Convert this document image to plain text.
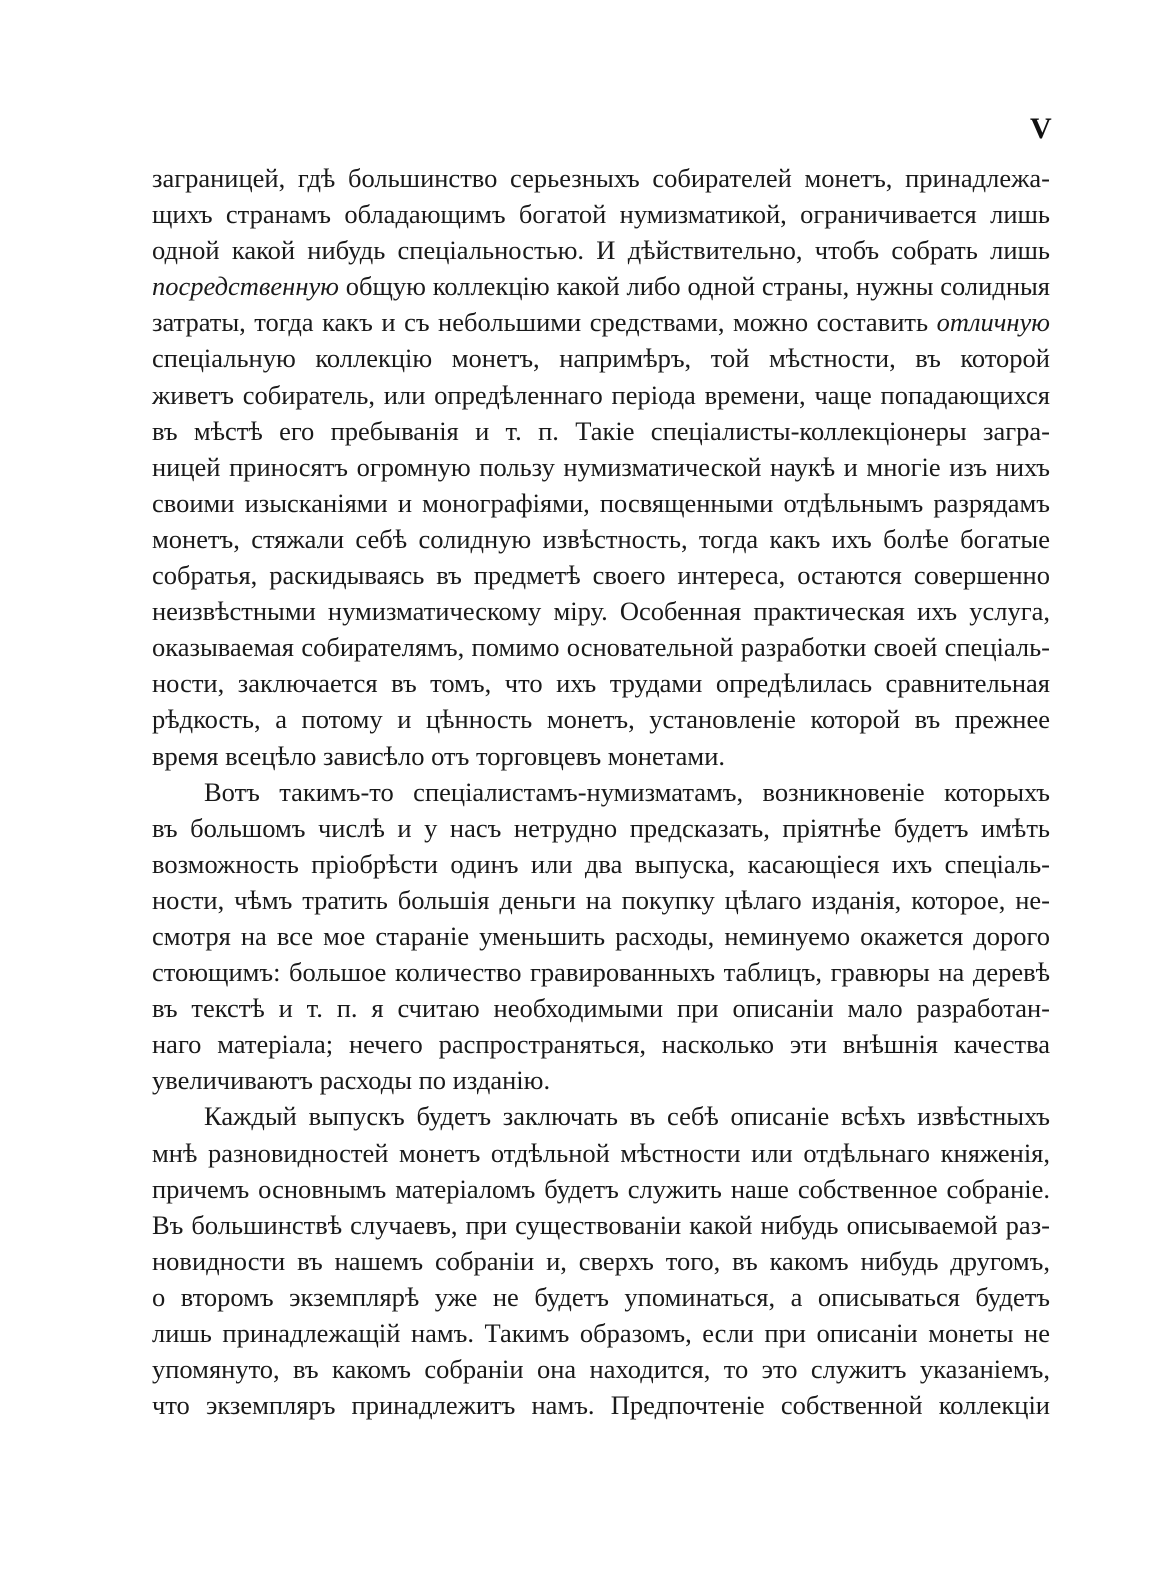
V
заграницей, гдѣ большинство серьезныхъ собирателей монетъ, принадлежа-
щихъ странамъ обладающимъ богатой нумизматикой, ограничивается лишь
одной какой нибудь спеціальностью. И дѣйствительно, чтобъ собрать лишь
посредственную общую коллекцію какой либо одной страны, нужны солидныя
затраты, тогда какъ и съ небольшими средствами, можно составить отличную
спеціальную коллекцію монетъ, напримѣръ, той мѣстности, въ которой
живетъ собиратель, или опредѣленнаго періода времени, чаще попадающихся
въ мѣстѣ его пребыванія и т. п. Такіе спеціалисты-коллекціонеры загра-
ницей приносятъ огромную пользу нумизматической наукѣ и многіе изъ нихъ
своими изысканіями и монографіями, посвященными отдѣльнымъ разрядамъ
монетъ, стяжали себѣ солидную извѣстность, тогда какъ ихъ болѣе богатые
собратья, раскидываясь въ предметѣ своего интереса, остаются совершенно
неизвѣстными нумизматическому міру. Особенная практическая ихъ услуга,
оказываемая собирателямъ, помимо основательной разработки своей спеціаль-
ности, заключается въ томъ, что ихъ трудами опредѣлилась сравнительная
рѣдкость, а потому и цѣнность монетъ, установленіе которой въ прежнее
время всецѣло зависѣло отъ торговцевъ монетами.
Вотъ такимъ-то спеціалистамъ-нумизматамъ, возникновеніе которыхъ
въ большомъ числѣ и у насъ нетрудно предсказать, пріятнѣе будетъ имѣть
возможность пріобрѣсти одинъ или два выпуска, касающіеся ихъ спеціаль-
ности, чѣмъ тратить большія деньги на покупку цѣлаго изданія, которое, не-
смотря на все мое стараніе уменьшить расходы, неминуемо окажется дорого
стоющимъ: большое количество гравированныхъ таблицъ, гравюры на деревѣ
въ текстѣ и т. п. я считаю необходимыми при описаніи мало разработан-
наго матеріала; нечего распространяться, насколько эти внѣшнія качества
увеличиваютъ расходы по изданію.
Каждый выпускъ будетъ заключать въ себѣ описаніе всѣхъ извѣстныхъ
мнѣ разновидностей монетъ отдѣльной мѣстности или отдѣльнаго княженія,
причемъ основнымъ матеріаломъ будетъ служить наше собственное собраніе.
Въ большинствѣ случаевъ, при существованіи какой нибудь описываемой раз-
новидности въ нашемъ собраніи и, сверхъ того, въ какомъ нибудь другомъ,
о второмъ экземплярѣ уже не будетъ упоминаться, а описываться будетъ
лишь принадлежащій намъ. Такимъ образомъ, если при описаніи монеты не
упомянуто, въ какомъ собраніи она находится, то это служитъ указаніемъ,
что экземпляръ принадлежитъ намъ. Предпочтеніе собственной коллекціи
